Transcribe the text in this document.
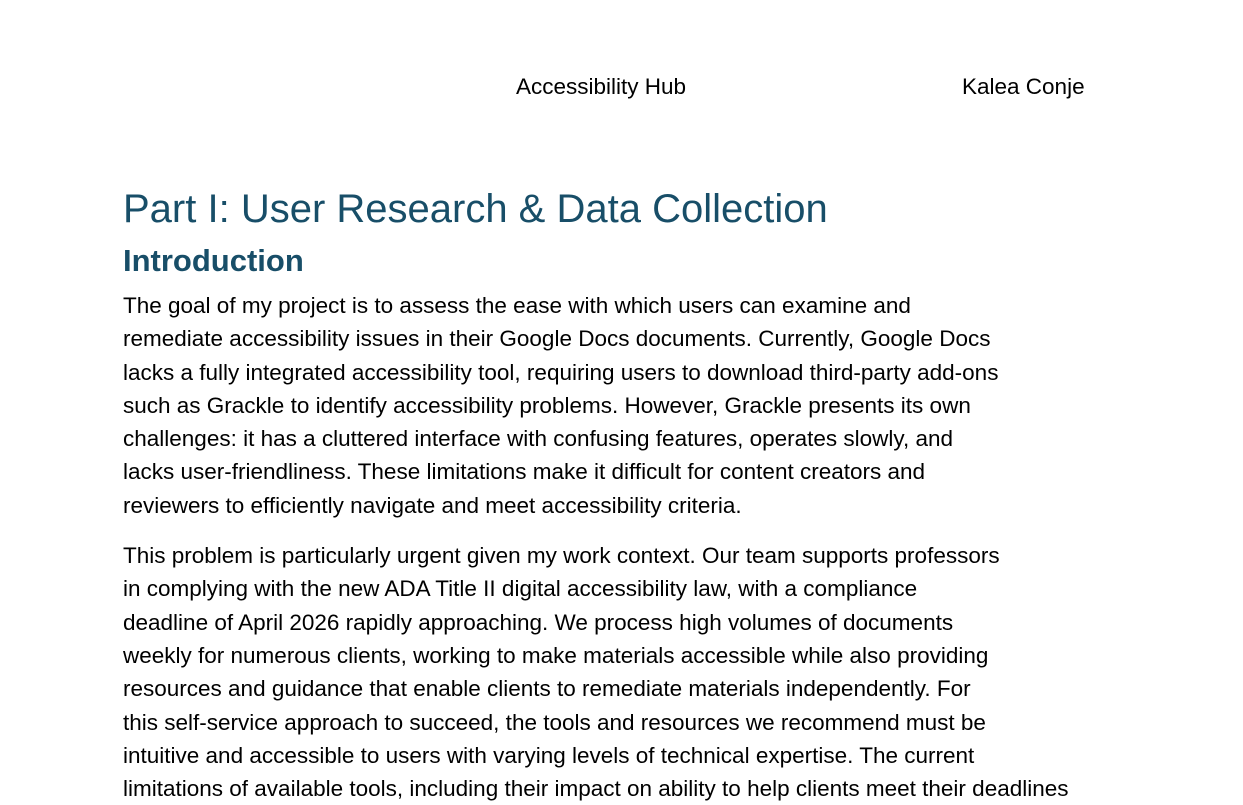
Accessibility Hub	Kalea Conje
Part I: User Research & Data Collection
Introduction

The goal of my project is to assess the ease with which users can examine and
remediate accessibility issues in their Google Docs documents. Currently, Google Docs
lacks a fully integrated accessibility tool, requiring users to download third-party add-ons
such as Grackle to identify accessibility problems. However, Grackle presents its own
challenges: it has a cluttered interface with confusing features, operates slowly, and
lacks user-friendliness. These limitations make it difficult for content creators and
reviewers to efficiently navigate and meet accessibility criteria.

This problem is particularly urgent given my work context. Our team supports professors
in complying with the new ADA Title II digital accessibility law, with a compliance
deadline of April 2026 rapidly approaching. We process high volumes of documents
weekly for numerous clients, working to make materials accessible while also providing
resources and guidance that enable clients to remediate materials independently. For
this self-service approach to succeed, the tools and resources we recommend must be
intuitive and accessible to users with varying levels of technical expertise. The current
limitations of available tools, including their impact on ability to help clients meet their deadlines
